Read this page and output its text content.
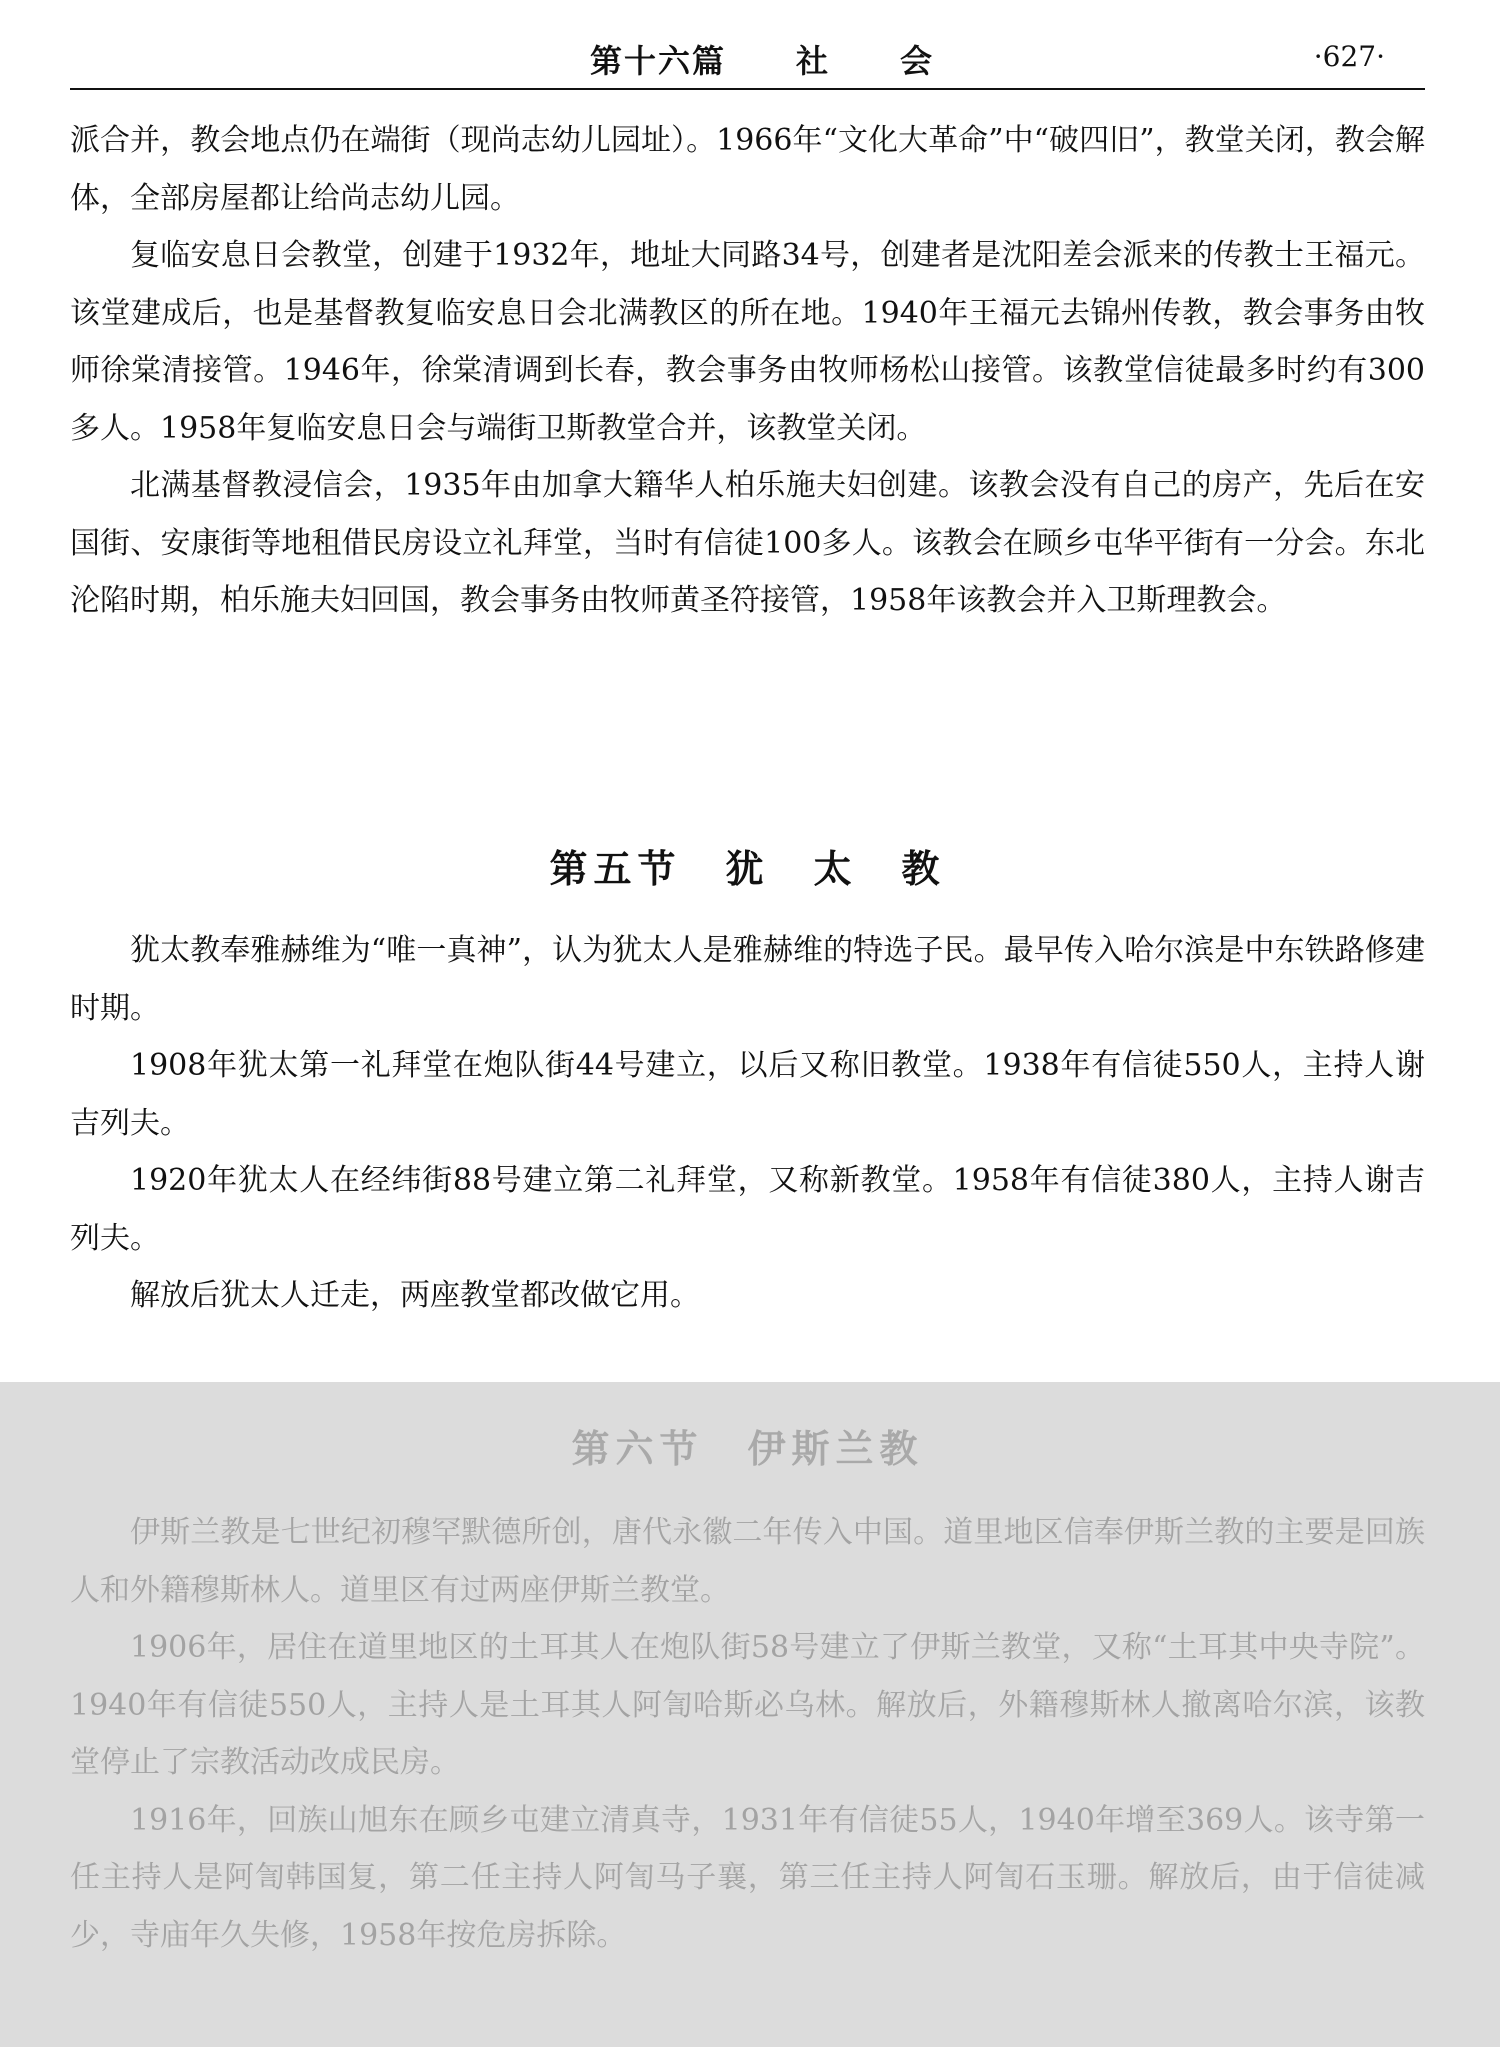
第十六篇 社 会	·627·

派合并，教会地点仍在端街（现尚志幼儿园址）。1966年“文化大革命”中“破四旧”，教堂关闭，教会解体，全部房屋都让给尚志幼儿园。

复临安息日会教堂，创建于1932年，地址大同路34号，创建者是沈阳差会派来的传教士王福元。该堂建成后，也是基督教复临安息日会北满教区的所在地。1940年王福元去锦州传教，教会事务由牧师徐棠清接管。1946年，徐棠清调到长春，教会事务由牧师杨松山接管。该教堂信徒最多时约有300多人。1958年复临安息日会与端街卫斯教堂合并，该教堂关闭。

北满基督教浸信会，1935年由加拿大籍华人柏乐施夫妇创建。该教会没有自己的房产，先后在安国街、安康街等地租借民房设立礼拜堂，当时有信徒100多人。该教会在顾乡屯华平街有一分会。东北沦陷时期，柏乐施夫妇回国，教会事务由牧师黄圣符接管，1958年该教会并入卫斯理教会。

第五节　犹　太　教

犹太教奉雅赫维为“唯一真神”，认为犹太人是雅赫维的特选子民。最早传入哈尔滨是中东铁路修建时期。

1908年犹太第一礼拜堂在炮队街44号建立，以后又称旧教堂。1938年有信徒550人，主持人谢吉列夫。

1920年犹太人在经纬街88号建立第二礼拜堂，又称新教堂。1958年有信徒380人，主持人谢吉列夫。

解放后犹太人迁走，两座教堂都改做它用。

第六节　伊斯兰教

伊斯兰教是七世纪初穆罕默德所创，唐代永徽二年传入中国。道里地区信奉伊斯兰教的主要是回族人和外籍穆斯林人。道里区有过两座伊斯兰教堂。

1906年，居住在道里地区的土耳其人在炮队街58号建立了伊斯兰教堂，又称“土耳其中央寺院”。1940年有信徒550人，主持人是土耳其人阿訇哈斯必乌林。解放后，外籍穆斯林人撤离哈尔滨，该教堂停止了宗教活动改成民房。

1916年，回族山旭东在顾乡屯建立清真寺，1931年有信徒55人，1940年增至369人。该寺第一任主持人是阿訇韩国复，第二任主持人阿訇马子襄，第三任主持人阿訇石玉珊。解放后，由于信徒减少，寺庙年久失修，1958年按危房拆除。
